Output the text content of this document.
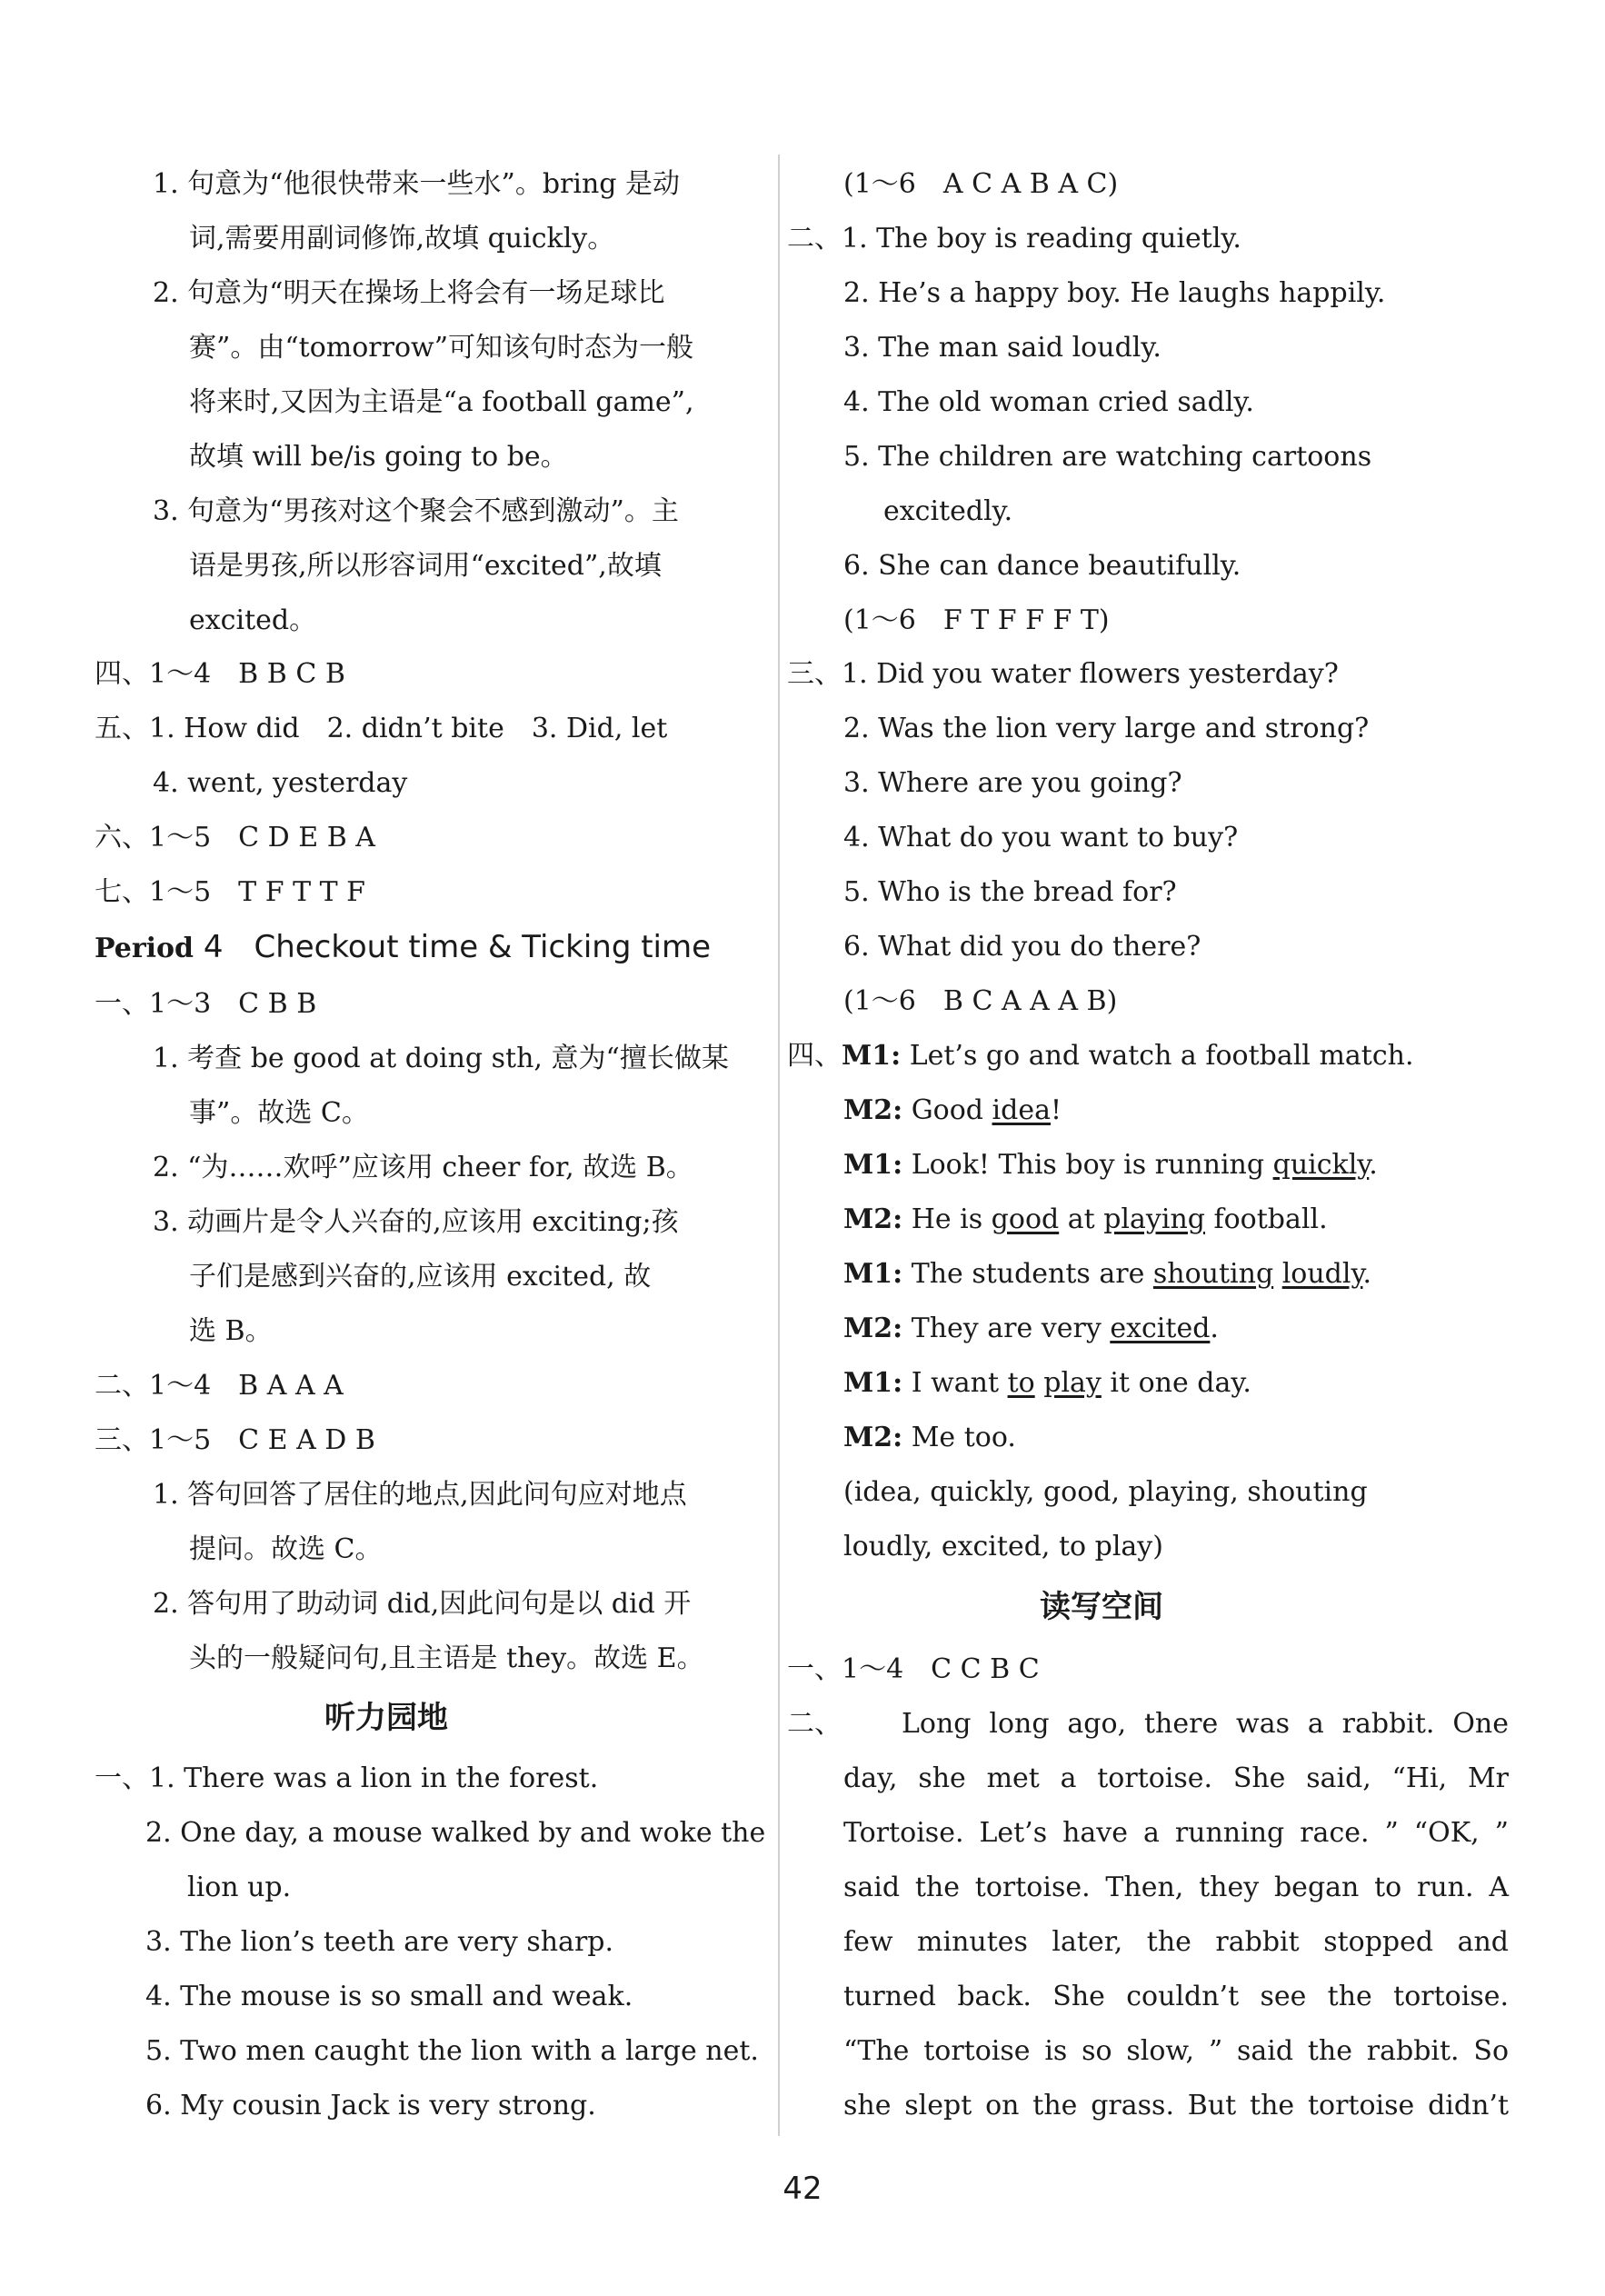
1. 句意为“他很快带来一些水”。bring 是动
词,需要用副词修饰,故填 quickly。
2. 句意为“明天在操场上将会有一场足球比
赛”。由“tomorrow”可知该句时态为一般
将来时,又因为主语是“a football game”,
故填 will be/is going to be。
3. 句意为“男孩对这个聚会不感到激动”。主
语是男孩,所以形容词用“excited”,故填
excited。
四、1～4　B B C B
五、1. How did　2. didn’t bite　3. Did, let
4. went, yesterday
六、1～5　C D E B A
七、1～5　T F T T F
Period 4　Checkout time & Ticking time
一、1～3　C B B
1. 考查 be good at doing sth, 意为“擅长做某
事”。故选 C。
2. “为……欢呼”应该用 cheer for, 故选 B。
3. 动画片是令人兴奋的,应该用 exciting;孩
子们是感到兴奋的,应该用 excited, 故
选 B。
二、1～4　B A A A
三、1～5　C E A D B
1. 答句回答了居住的地点,因此问句应对地点
提问。故选 C。
2. 答句用了助动词 did,因此问句是以 did 开
头的一般疑问句,且主语是 they。故选 E。
听力园地
一、1. There was a lion in the forest.
2. One day, a mouse walked by and woke the
lion up.
3. The lion’s teeth are very sharp.
4. The mouse is so small and weak.
5. Two men caught the lion with a large net.
6. My cousin Jack is very strong.
(1～6　A C A B A C)
二、1. The boy is reading quietly.
2. He’s a happy boy. He laughs happily.
3. The man said loudly.
4. The old woman cried sadly.
5. The children are watching cartoons
excitedly.
6. She can dance beautifully.
(1～6　F T F F F T)
三、1. Did you water flowers yesterday?
2. Was the lion very large and strong?
3. Where are you going?
4. What do you want to buy?
5. Who is the bread for?
6. What did you do there?
(1～6　B C A A A B)
四、M1: Let’s go and watch a football match.
M2: Good idea!
M1: Look! This boy is running quickly.
M2: He is good at playing football.
M1: The students are shouting loudly.
M2: They are very excited.
M1: I want to play it one day.
M2: Me too.
(idea, quickly, good, playing, shouting
loudly, excited, to play)
读写空间
一、1～4　C C B C
二、 Long long ago, there was a rabbit. One
day, she met a tortoise. She said, “Hi, Mr
Tortoise. Let’s have a running race. ” “OK, ”
said the tortoise. Then, they began to run. A
few minutes later, the rabbit stopped and
turned back. She couldn’t see the tortoise.
“The tortoise is so slow, ” said the rabbit. So
she slept on the grass. But the tortoise didn’t
42
